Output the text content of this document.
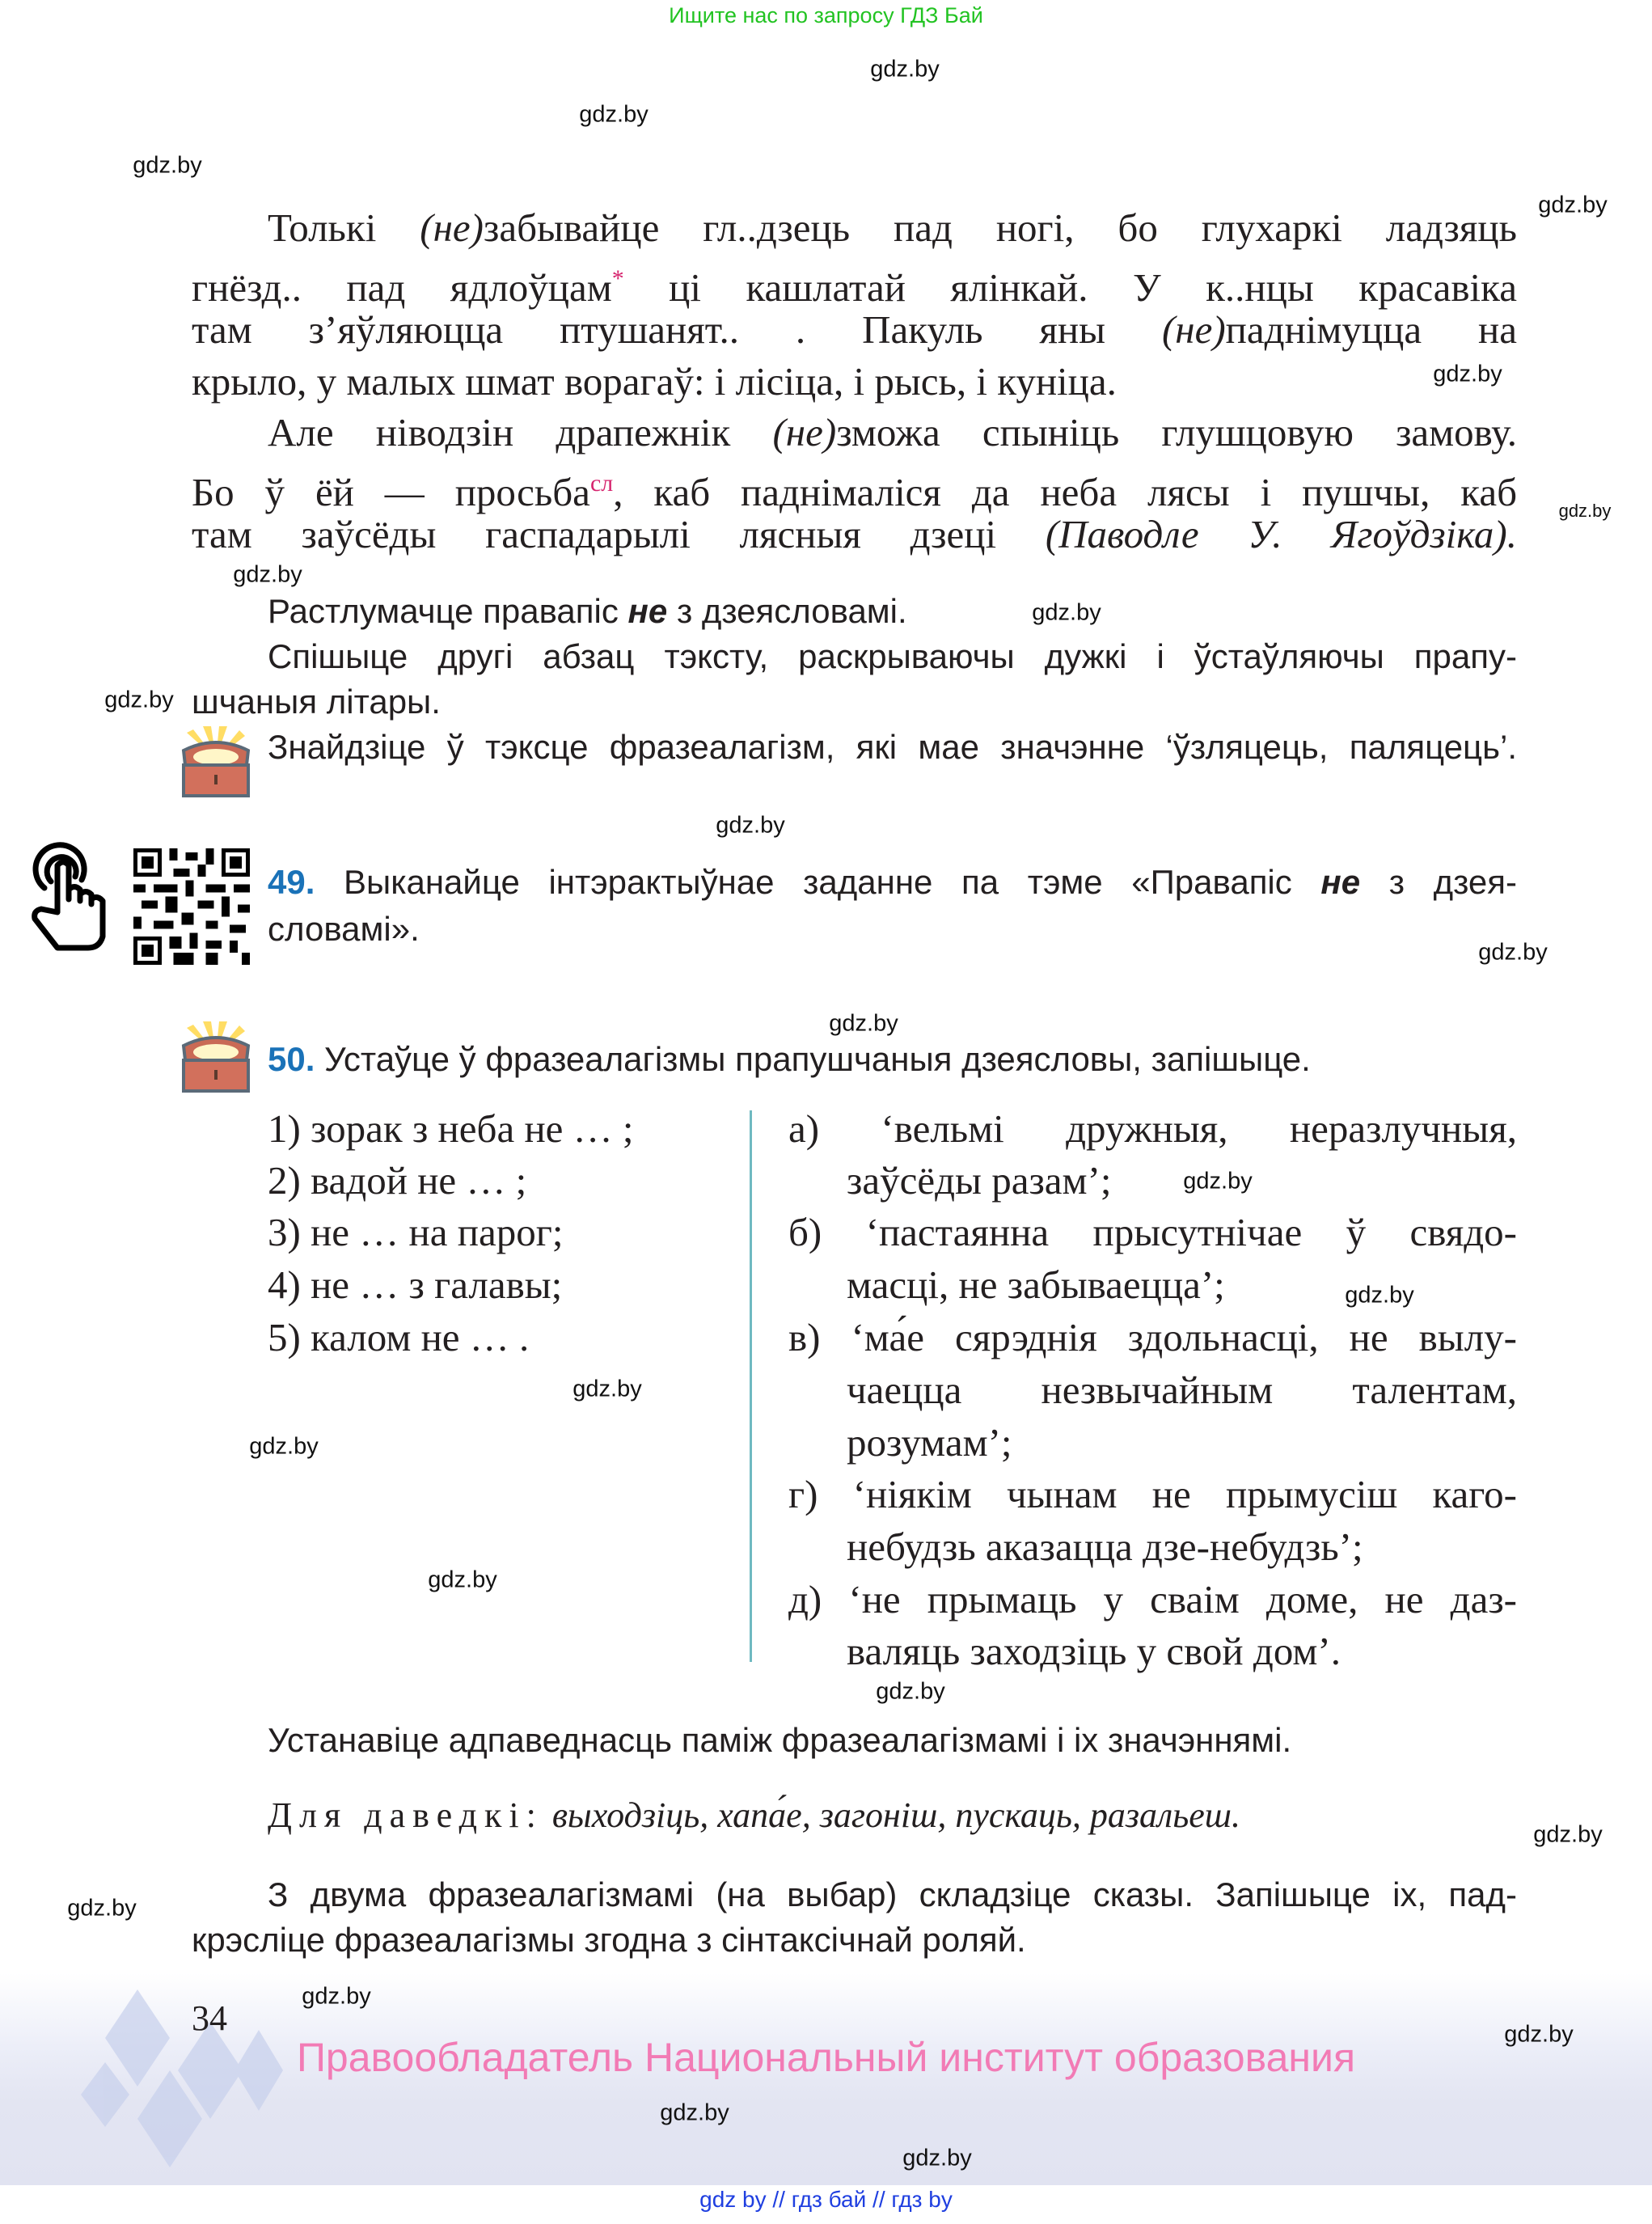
Ищите нас по запросу ГДЗ Бай
Толькі (не)забывайце гл..дзець пад ногі, бо глухаркі ладзяць
гнёзд.. пад ядлоўцам* ці кашлатай ялінкай. У к..нцы красавіка
там з’яўляюцца птушанят.. . Пакуль яны (не)паднімуцца на
крыло, у малых шмат ворагаў: і лісіца, і рысь, і куніца.
Але ніводзін драпежнік (не)зможа спыніць глушцовую замову.
Бо ў ёй — просьба$^{сл}$, каб паднімаліся да неба лясы і пушчы, каб
там заўсёды гаспадарылі лясныя дзеці (Паводле У. Ягоўдзіка).
Растлумачце правапіс не з дзеясловамі.
Спішыце другі абзац тэксту, раскрываючы дужкі і ўстаўляючы прапу-
шчаныя літары.
Знайдзіце ў тэксце фразеалагізм, які мае значэнне ‘ўзляцець, паляцець’.
49. Выканайце інтэрактыўнае заданне па тэме «Правапіс не з дзея-
словамі».
50. Устаўце ў фразеалагізмы прапушчаныя дзеясловы, запішыце.
1) зорак з неба не … ;
2) вадой не … ;
3) не … на парог;
4) не … з галавы;
5) калом не … .
а) ‘вельмі дружныя, неразлучныя,
заўсёды разам’;
б) ‘пастаянна прысутнічае ў свядо-
масці, не забываецца’;
в) ‘ма́е сярэднія здольнасці, не вылу-
чаецца незвычайным талентам,
розумам’;
г) ‘ніякім чынам не прымусіш каго-
небудзь аказацца дзе-небудзь’;
д) ‘не прымаць у сваім доме, не даз-
валяць заходзіць у свой дом’.
Устанавіце адпаведнасць паміж фразеалагізмамі і іх значэннямі.
Для даведкі: выходзіць, хапа́е, загоніш, пускаць, разальеш.
З двума фразеалагізмамі (на выбар) складзіце сказы. Запішыце іх, пад-
крэсліце фразеалагізмы згодна з сінтаксічнай роляй.
34
Правообладатель Национальный институт образования
gdz by // гдз бай // гдз by
gdz.by
gdz.by
gdz.by
gdz.by
gdz.by
gdz.by
gdz.by
gdz.by
gdz.by
gdz.by
gdz.by
gdz.by
gdz.by
gdz.by
gdz.by
gdz.by
gdz.by
gdz.by
gdz.by
gdz.by
gdz.by
gdz.by
gdz.by
gdz.by
